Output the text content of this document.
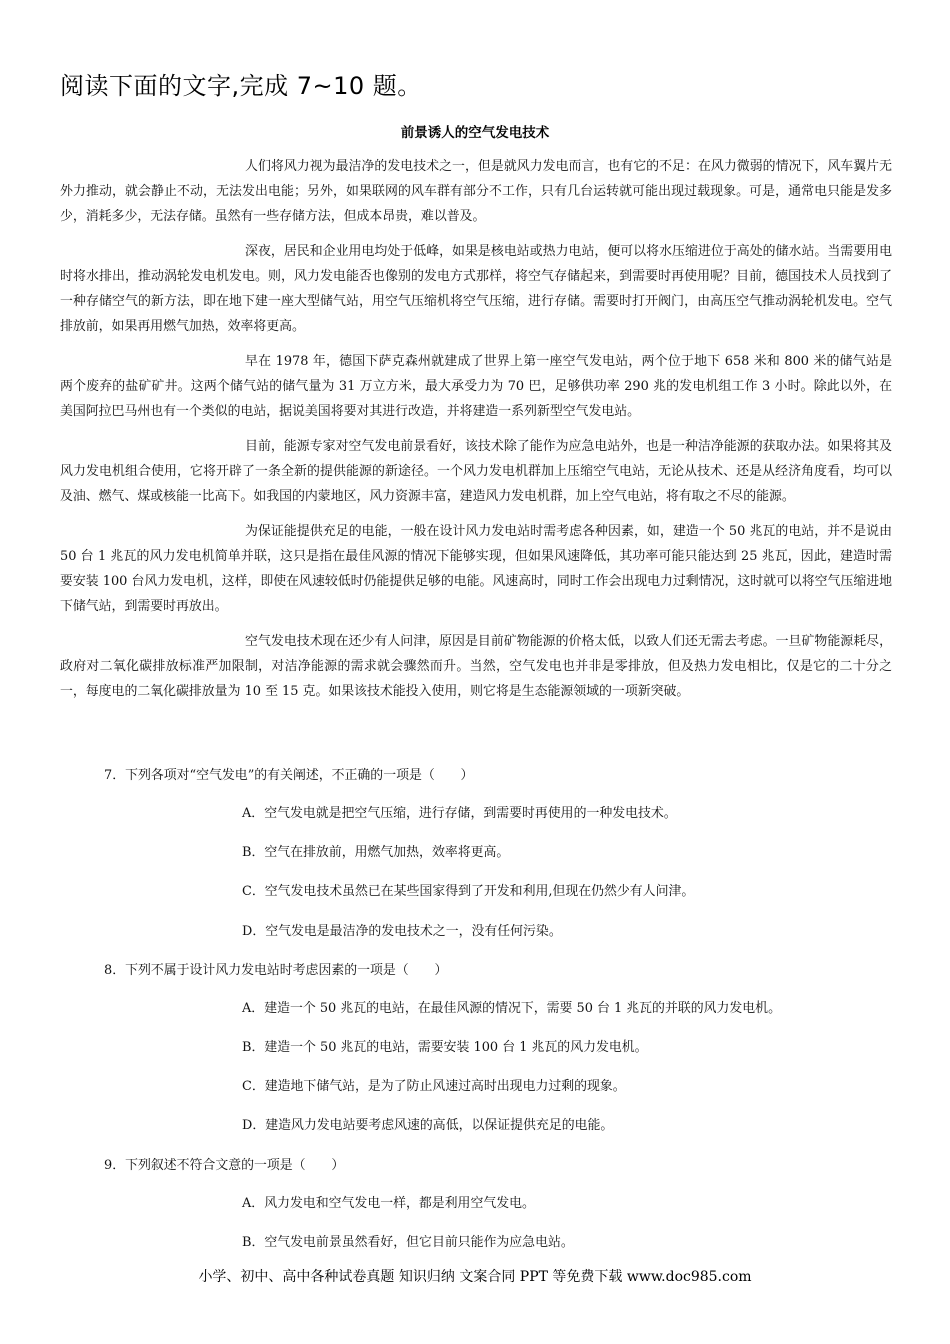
阅读下面的文字,完成 7~10 题。
前景诱人的空气发电技术

人们将风力视为最洁净的发电技术之一，但是就风力发电而言，也有它的不足：在风力微弱的情况下，风车翼片无外力推动，就会静止不动，无法发出电能；另外，如果联网的风车群有部分不工作，只有几台运转就可能出现过载现象。可是，通常电只能是发多少，消耗多少，无法存储。虽然有一些存储方法，但成本昂贵，难以普及。

深夜，居民和企业用电均处于低峰，如果是核电站或热力电站，便可以将水压缩进位于高处的储水站。当需要用电时将水排出，推动涡轮发电机发电。则，风力发电能否也像别的发电方式那样，将空气存储起来，到需要时再使用呢？目前，德国技术人员找到了一种存储空气的新方法，即在地下建一座大型储气站，用空气压缩机将空气压缩，进行存储。需要时打开阀门，由高压空气推动涡轮机发电。空气排放前，如果再用燃气加热，效率将更高。

早在 1978 年，德国下萨克森州就建成了世界上第一座空气发电站，两个位于地下 658 米和 800 米的储气站是两个废弃的盐矿矿井。这两个储气站的储气量为 31 万立方米，最大承受力为 70 巴，足够供功率 290 兆的发电机组工作 3 小时。除此以外，在美国阿拉巴马州也有一个类似的电站，据说美国将要对其进行改造，并将建造一系列新型空气发电站。

目前，能源专家对空气发电前景看好，该技术除了能作为应急电站外，也是一种洁净能源的获取办法。如果将其及风力发电机组合使用，它将开辟了一条全新的提供能源的新途径。一个风力发电机群加上压缩空气电站，无论从技术、还是从经济角度看，均可以及油、燃气、煤或核能一比高下。如我国的内蒙地区，风力资源丰富，建造风力发电机群，加上空气电站，将有取之不尽的能源。

为保证能提供充足的电能，一般在设计风力发电站时需考虑各种因素，如，建造一个 50 兆瓦的电站，并不是说由 50 台 1 兆瓦的风力发电机简单并联，这只是指在最佳风源的情况下能够实现，但如果风速降低，其功率可能只能达到 25 兆瓦，因此，建造时需要安装 100 台风力发电机，这样，即使在风速较低时仍能提供足够的电能。风速高时，同时工作会出现电力过剩情况，这时就可以将空气压缩进地下储气站，到需要时再放出。

空气发电技术现在还少有人问津，原因是目前矿物能源的价格太低，以致人们还无需去考虑。一旦矿物能源耗尽，政府对二氧化碳排放标准严加限制，对洁净能源的需求就会骤然而升。当然，空气发电也并非是零排放，但及热力发电相比，仅是它的二十分之一，每度电的二氧化碳排放量为 10 至 15 克。如果该技术能投入使用，则它将是生态能源领域的一项新突破。

7．下列各项对“空气发电”的有关阐述，不正确的一项是（　　）
A．空气发电就是把空气压缩，进行存储，到需要时再使用的一种发电技术。
B．空气在排放前，用燃气加热，效率将更高。
C．空气发电技术虽然已在某些国家得到了开发和利用,但现在仍然少有人问津。
D．空气发电是最洁净的发电技术之一，没有任何污染。
8．下列不属于设计风力发电站时考虑因素的一项是（　　）
A．建造一个 50 兆瓦的电站，在最佳风源的情况下，需要 50 台 1 兆瓦的并联的风力发电机。
B．建造一个 50 兆瓦的电站，需要安装 100 台 1 兆瓦的风力发电机。
C．建造地下储气站，是为了防止风速过高时出现电力过剩的现象。
D．建造风力发电站要考虑风速的高低，以保证提供充足的电能。
9．下列叙述不符合文意的一项是（　　）
A．风力发电和空气发电一样，都是利用空气发电。
B．空气发电前景虽然看好，但它目前只能作为应急电站。
小学、初中、高中各种试卷真题 知识归纳 文案合同 PPT 等免费下载 www.doc985.com
